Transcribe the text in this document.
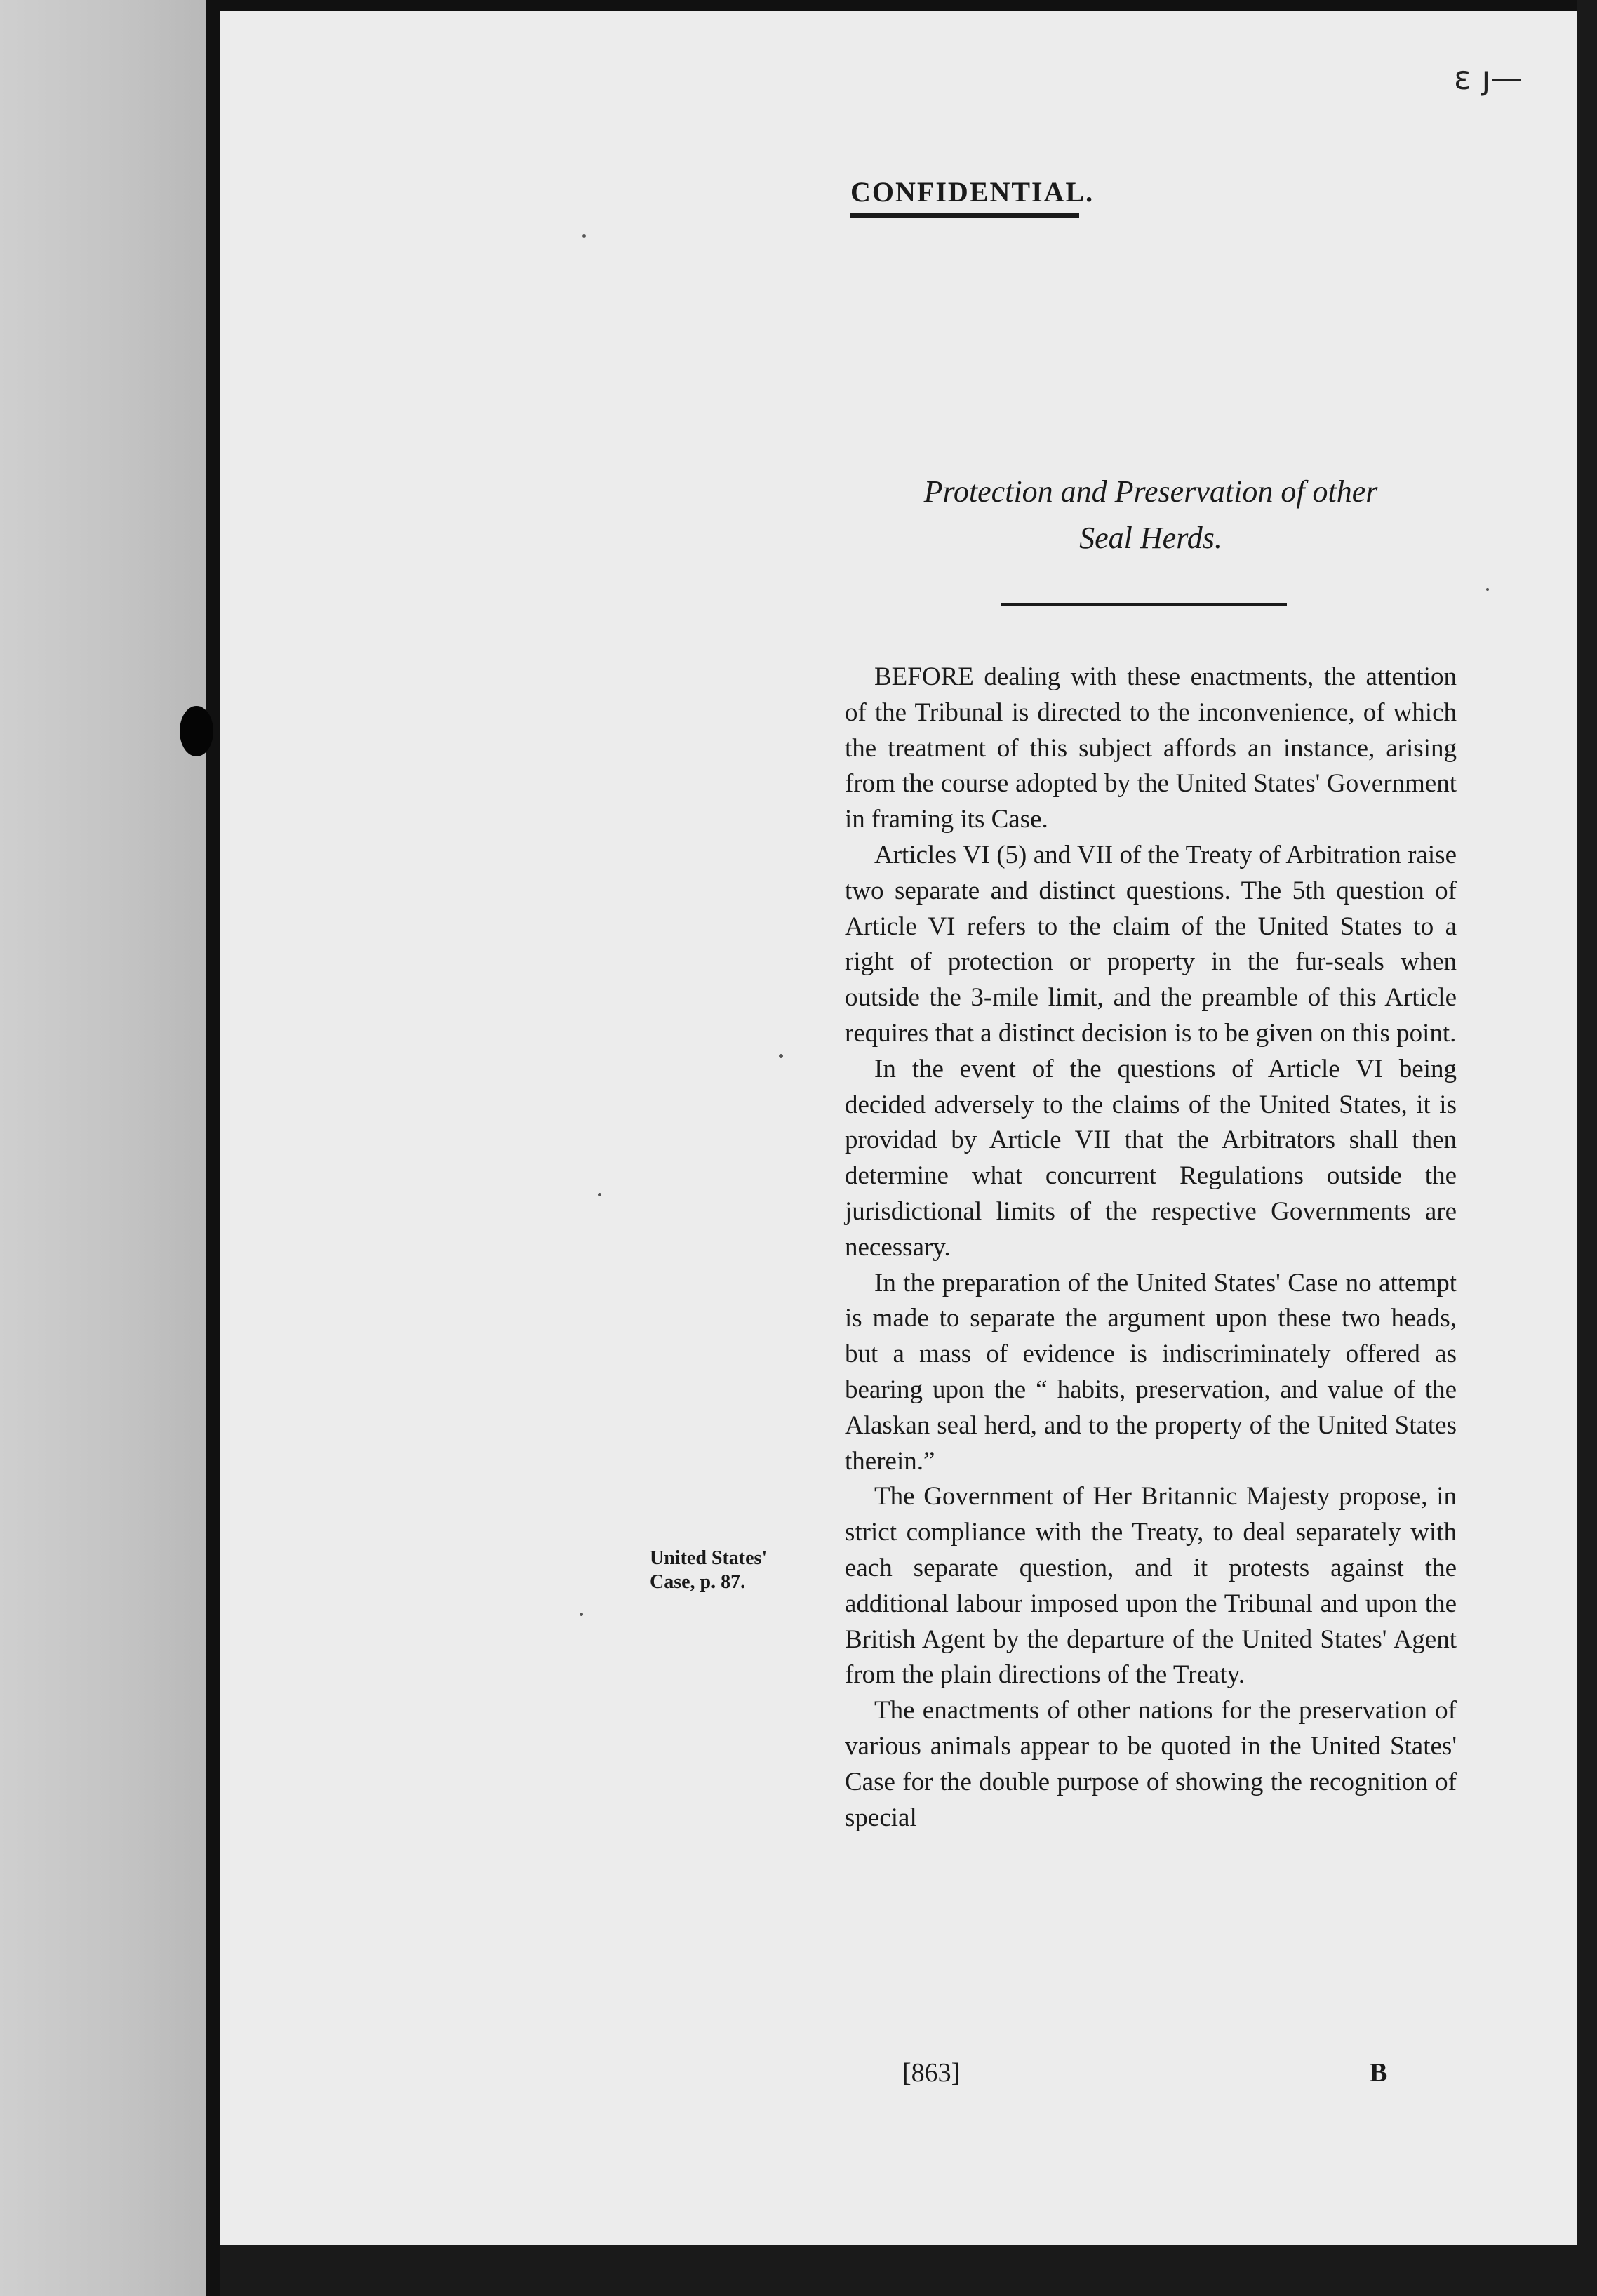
ε ȷ—
CONFIDENTIAL.
Protection and Preservation of other
Seal Herds.

BEFORE dealing with these enactments, the attention of the Tribunal is directed to the inconvenience, of which the treatment of this subject affords an instance, arising from the course adopted by the United States' Government in framing its Case.

Articles VI (5) and VII of the Treaty of Arbitration raise two separate and distinct questions. The 5th question of Article VI refers to the claim of the United States to a right of protection or property in the fur-seals when outside the 3-mile limit, and the preamble of this Article requires that a distinct decision is to be given on this point.

In the event of the questions of Article VI being decided adversely to the claims of the United States, it is providad by Article VII that the Arbitrators shall then determine what concurrent Regulations outside the jurisdictional limits of the respective Governments are necessary.

In the preparation of the United States' Case no attempt is made to separate the argument upon these two heads, but a mass of evidence is indiscriminately offered as bearing upon the “ habits, preservation, and value of the Alaskan seal herd, and to the property of the United States therein.”

The Government of Her Britannic Majesty propose, in strict compliance with the Treaty, to deal separately with each separate question, and it protests against the additional labour imposed upon the Tribunal and upon the British Agent by the departure of the United States' Agent from the plain directions of the Treaty.

The enactments of other nations for the preservation of various animals appear to be quoted in the United States' Case for the double purpose of showing the recognition of special

United States'
Case, p. 87.
[863]	B
